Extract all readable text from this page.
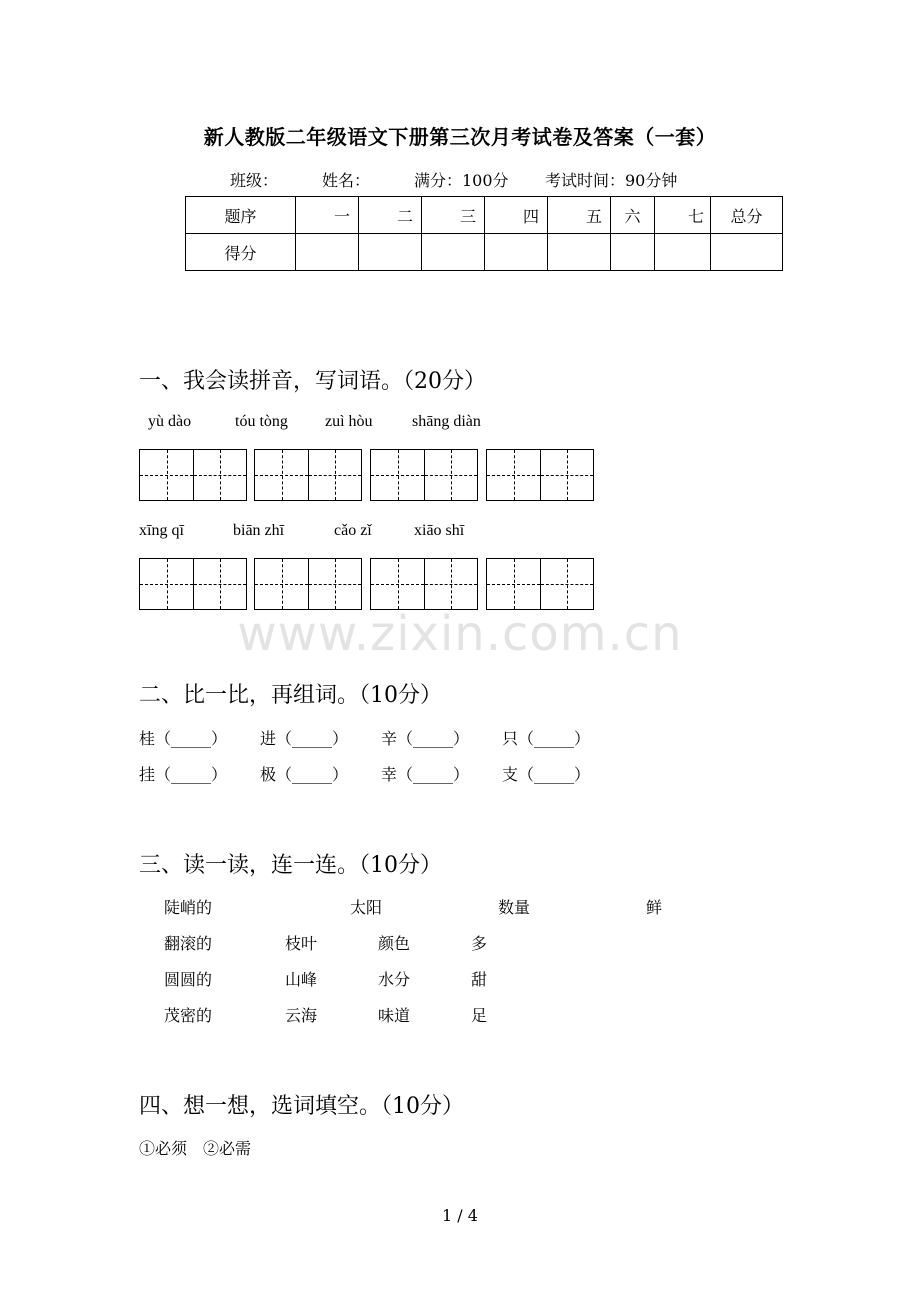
新人教版二年级语文下册第三次月考试卷及答案（一套）
班级：	姓名：	满分：100分 考试时间：90分钟
题序	一	二	三	四	五	六	七	总分
得分								
一、我会读拼音，写词语。（20分）
yù dào	tóu tòng zuì hòu shāng diàn
xīng qī	biān zhī	cǎo zǐ	xiāo shī
www.zixin.com.cn
二、比一比，再组词。（10分）
桂（_____） 进（_____） 辛（_____） 只（_____）
挂（_____） 极（_____） 幸（_____） 支（_____）
三、读一读，连一连。（10分）
陡峭的	太阳	数量	鲜
翻滚的	枝叶	颜色	多
圆圆的	山峰	水分	甜
茂密的	云海	味道	足
四、想一想，选词填空。（10分）
①必须　②必需
1 / 4
